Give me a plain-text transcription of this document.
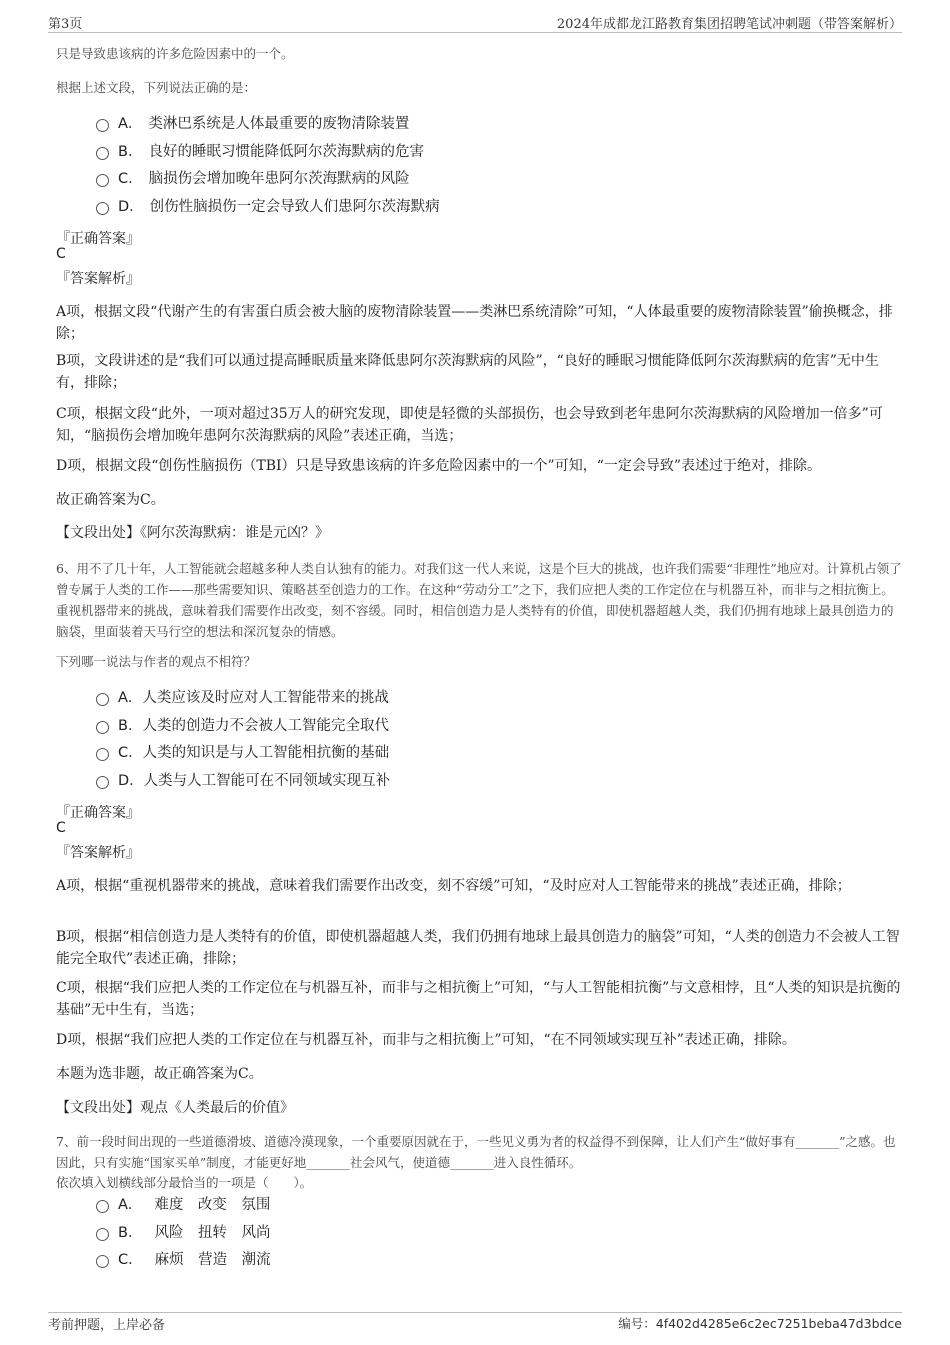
第3页	2024年成都龙江路教育集团招聘笔试冲刺题（带答案解析）
只是导致患该病的许多危险因素中的一个。
根据上述文段，下列说法正确的是：
A． 类淋巴系统是人体最重要的废物清除装置
B． 良好的睡眠习惯能降低阿尔茨海默病的危害
C． 脑损伤会增加晚年患阿尔茨海默病的风险
D． 创伤性脑损伤一定会导致人们患阿尔茨海默病
『正确答案』
C
『答案解析』
A项，根据文段“代谢产生的有害蛋白质会被大脑的废物清除装置——类淋巴系统清除”可知，“人体最重要的废物清除装置”偷换概念，排除；
B项，文段讲述的是“我们可以通过提高睡眠质量来降低患阿尔茨海默病的风险”，“良好的睡眠习惯能降低阿尔茨海默病的危害”无中生有，排除；
C项，根据文段“此外，一项对超过35万人的研究发现，即使是轻微的头部损伤，也会导致到老年患阿尔茨海默病的风险增加一倍多”可知，“脑损伤会增加晚年患阿尔茨海默病的风险”表述正确，当选；
D项，根据文段“创伤性脑损伤（TBI）只是导致患该病的许多危险因素中的一个”可知，“一定会导致”表述过于绝对，排除。
故正确答案为C。
【文段出处】《阿尔茨海默病：谁是元凶？》
6、用不了几十年，人工智能就会超越多种人类自认独有的能力。对我们这一代人来说，这是个巨大的挑战，也许我们需要“非理性”地应对。计算机占领了曾专属于人类的工作——那些需要知识、策略甚至创造力的工作。在这种“劳动分工”之下，我们应把人类的工作定位在与机器互补，而非与之相抗衡上。重视机器带来的挑战，意味着我们需要作出改变，刻不容缓。同时，相信创造力是人类特有的价值，即使机器超越人类，我们仍拥有地球上最具创造力的脑袋，里面装着天马行空的想法和深沉复杂的情感。
下列哪一说法与作者的观点不相符？
A．人类应该及时应对人工智能带来的挑战
B．人类的创造力不会被人工智能完全取代
C．人类的知识是与人工智能相抗衡的基础
D．人类与人工智能可在不同领域实现互补
『正确答案』
C
『答案解析』
A项，根据“重视机器带来的挑战，意味着我们需要作出改变，刻不容缓”可知，“及时应对人工智能带来的挑战”表述正确，排除；
B项，根据“相信创造力是人类特有的价值，即使机器超越人类，我们仍拥有地球上最具创造力的脑袋”可知，“人类的创造力不会被人工智能完全取代”表述正确，排除；
C项，根据“我们应把人类的工作定位在与机器互补，而非与之相抗衡上”可知，“与人工智能相抗衡”与文意相悖，且“人类的知识是抗衡的基础”无中生有，当选；
D项，根据“我们应把人类的工作定位在与机器互补，而非与之相抗衡上”可知，“在不同领域实现互补”表述正确，排除。
本题为选非题，故正确答案为C。
【文段出处】观点《人类最后的价值》
7、前一段时间出现的一些道德滑坡、道德冷漠现象，一个重要原因就在于，一些见义勇为者的权益得不到保障，让人们产生“做好事有_______”之感。也因此，只有实施“国家买单”制度，才能更好地_______社会风气，使道德_______进入良性循环。
依次填入划横线部分最恰当的一项是（　　）。
A． 难度　改变　氛围
B． 风险　扭转　风尚
C． 麻烦　营造　潮流
考前押题，上岸必备	编号：4f402d4285e6c2ec7251beba47d3bdce
